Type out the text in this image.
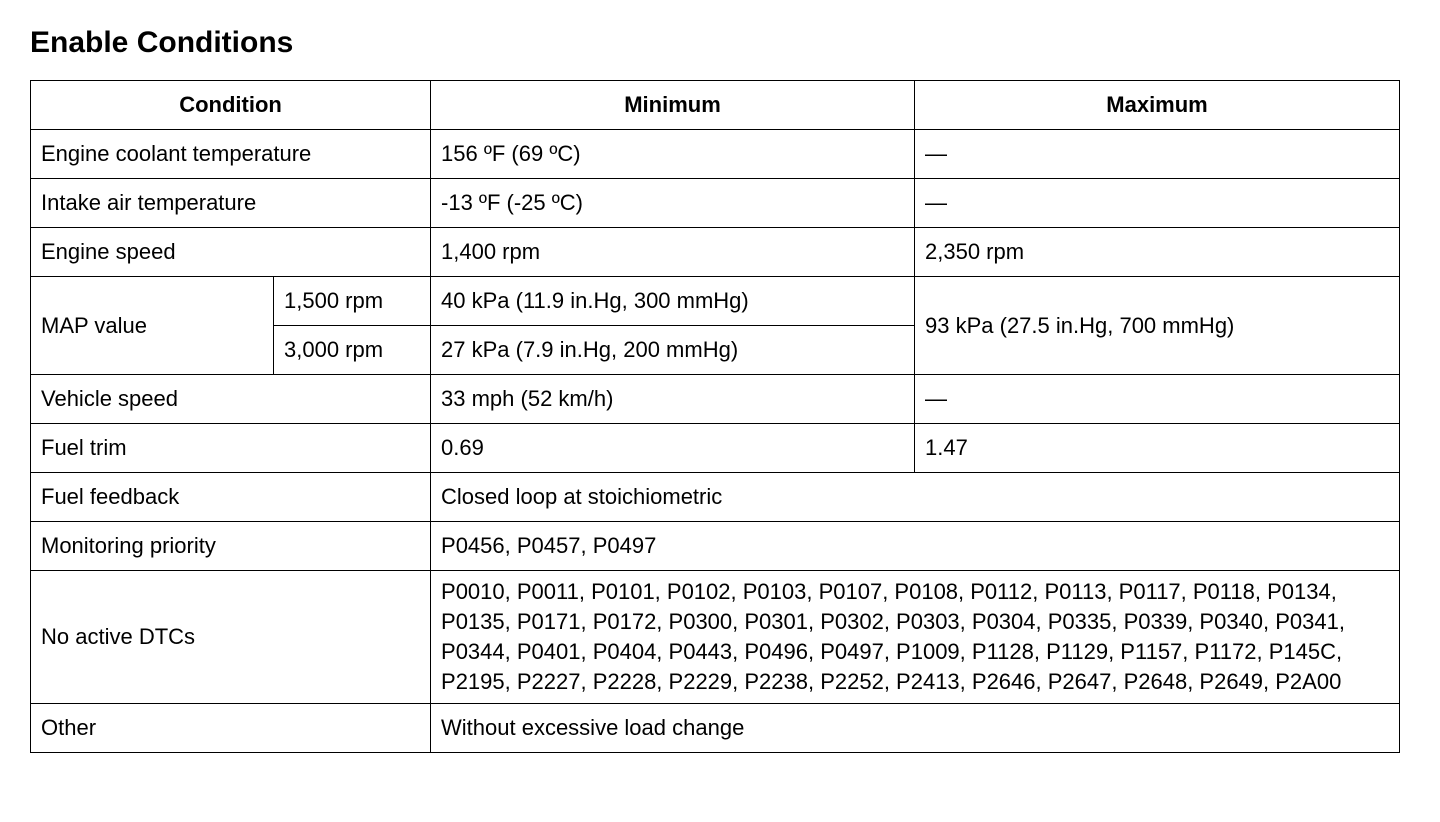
Enable Conditions
Condition		Minimum	Maximum
Engine coolant temperature		156 ºF (69 ºC)	—
Intake air temperature		-13 ºF (-25 ºC)	—
Engine speed		1,400 rpm	2,350 rpm
MAP value	1,500 rpm	40 kPa (11.9 in.Hg, 300 mmHg)	93 kPa (27.5 in.Hg, 700 mmHg)
	3,000 rpm	27 kPa (7.9 in.Hg, 200 mmHg)	
Vehicle speed		33 mph (52 km/h)	—
Fuel trim		0.69	1.47
Fuel feedback		Closed loop at stoichiometric	
Monitoring priority		P0456, P0457, P0497	
No active DTCs		P0010, P0011, P0101, P0102, P0103, P0107, P0108, P0112, P0113, P0117, P0118, P0134, P0135, P0171, P0172, P0300, P0301, P0302, P0303, P0304, P0335, P0339, P0340, P0341, P0344, P0401, P0404, P0443, P0496, P0497, P1009, P1128, P1129, P1157, P1172, P145C, P2195, P2227, P2228, P2229, P2238, P2252, P2413, P2646, P2647, P2648, P2649, P2A00	
Other		Without excessive load change	
